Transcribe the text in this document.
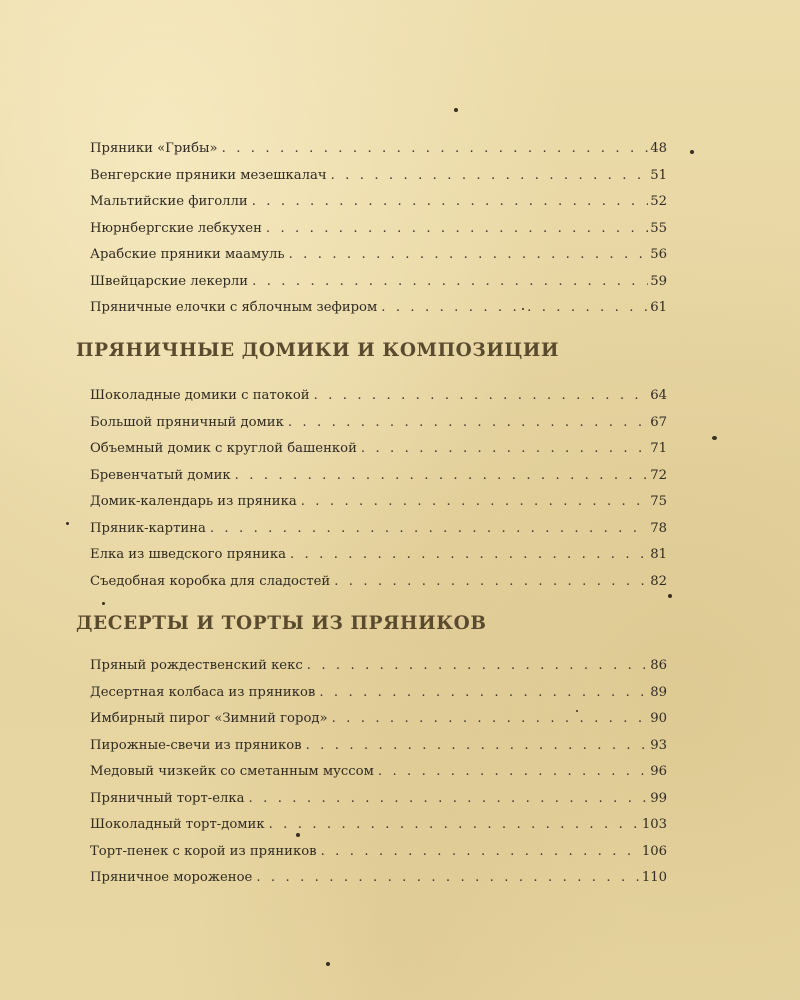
Пряники «Грибы» . . .	48
Венгерские пряники мезешкалач . . .	51
Мальтийские фиголли . . .	52
Нюрнбергские лебкухен . . .	55
Арабские пряники маамуль . . .	56
Швейцарские лекерли . . .	59
Пряничные елочки с яблочным зефиром . . .	61
ПРЯНИЧНЫЕ ДОМИКИ И КОМПОЗИЦИИ
Шоколадные домики с патокой . . .	64
Большой пряничный домик . . .	67
Объемный домик с круглой башенкой . . .	71
Бревенчатый домик . . .	72
Домик-календарь из пряника . . .	75
Пряник-картина . . .	78
Елка из шведского пряника . . .	81
Съедобная коробка для сладостей . . .	82
ДЕСЕРТЫ И ТОРТЫ ИЗ ПРЯНИКОВ
Пряный рождественский кекс . . .	86
Десертная колбаса из пряников . . .	89
Имбирный пирог «Зимний город» . . .	90
Пирожные-свечи из пряников . . .	93
Медовый чизкейк со сметанным муссом . . .	96
Пряничный торт-елка . . .	99
Шоколадный торт-домик . . .	103
Торт-пенек с корой из пряников . . .	106
Пряничное мороженое . . .	110
